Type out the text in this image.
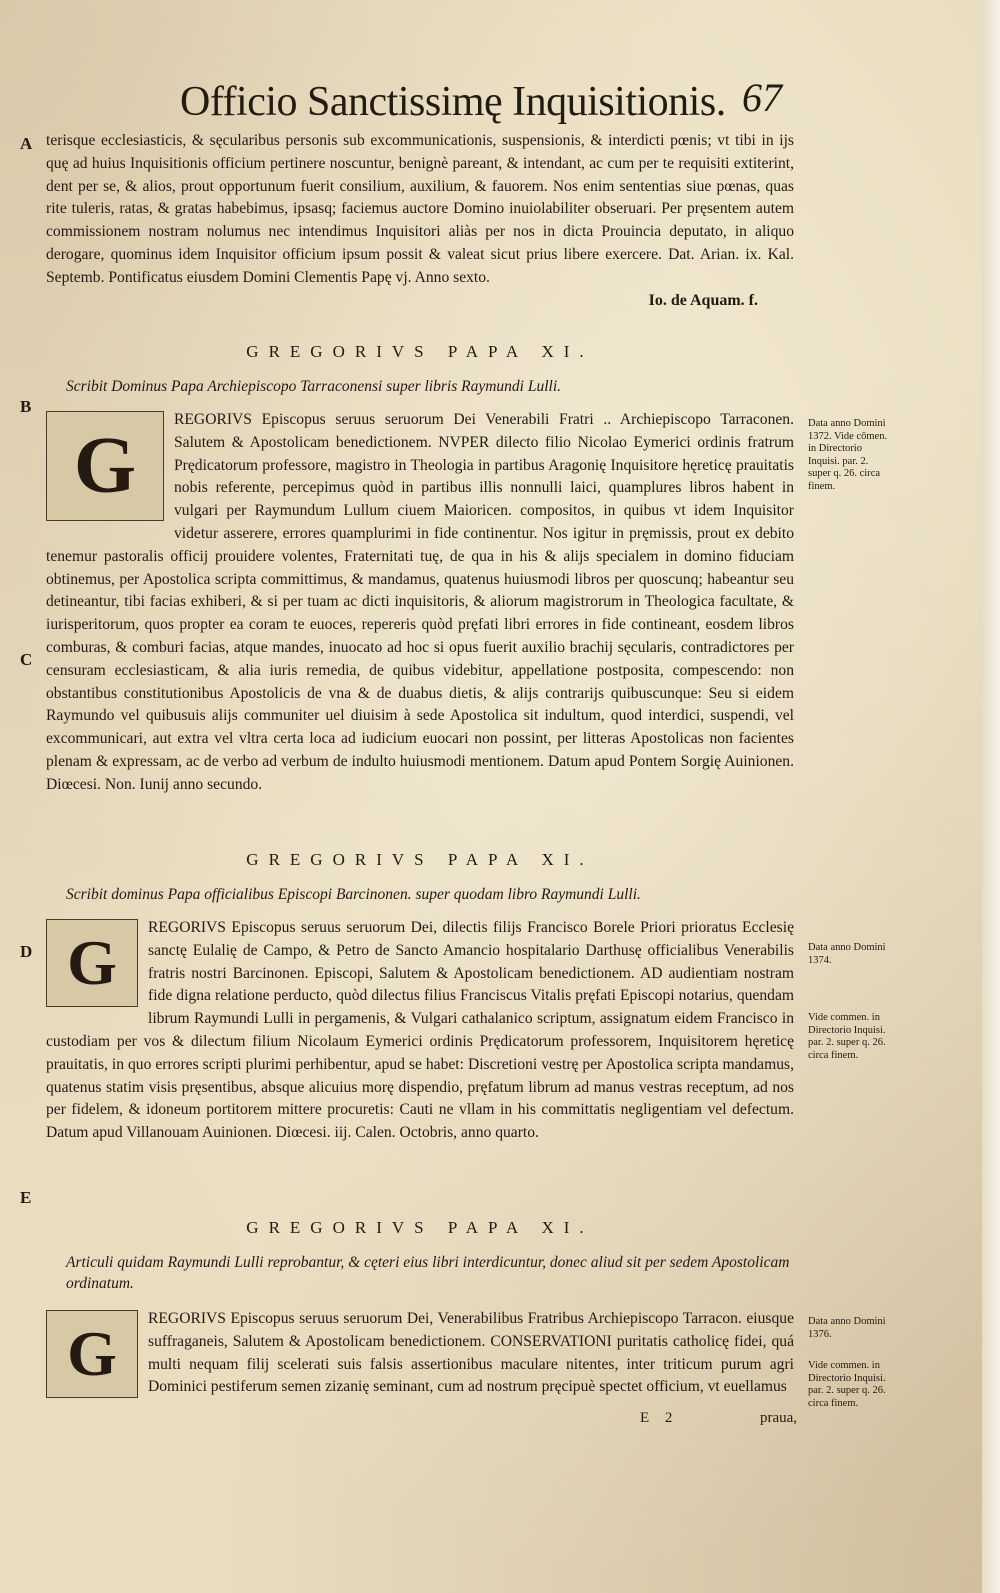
Officio Sanctissimę Inquisitionis. 67
A
B
C
D
E

terisque ecclesiasticis, & sęcularibus personis sub excommunicationis, suspensionis, & interdicti pœnis; vt tibi in ijs quę ad huius Inquisitionis officium pertinere noscuntur, benignè pareant, & intendant, ac cum per te requisiti extiterint, dent per se, & alios, prout opportunum fuerit consilium, auxilium, & fauorem. Nos enim sententias siue pœnas, quas rite tuleris, ratas, & gratas habebimus, ipsasq; faciemus auctore Domino inuiolabiliter obseruari. Per pręsentem autem commissionem nostram nolumus nec intendimus Inquisitori aliàs per nos in dicta Prouincia deputato, in aliquo derogare, quominus idem Inquisitor officium ipsum possit & valeat sicut prius libere exercere. Dat. Arian. ix. Kal. Septemb. Pontificatus eiusdem Domini Clementis Papę vj. Anno sexto.

Io. de Aquam. f.

GREGORIVS PAPA XI.

Scribit Dominus Papa Archiepiscopo Tarraconensi super libris Raymundi Lulli.

G

REGORIVS Episcopus seruus seruorum Dei Venerabili Fratri .. Archiepiscopo Tarraconen. Salutem & Apostolicam benedictionem. NVPER dilecto filio Nicolao Eymerici ordinis fratrum Prędicatorum professore, magistro in Theologia in partibus Aragonię Inquisitore hęreticę prauitatis nobis referente, percepimus quòd in partibus illis nonnulli laici, quamplures libros habent in vulgari per Raymundum Lullum ciuem Maioricen. compositos, in quibus vt idem Inquisitor videtur asserere, errores quamplurimi in fide continentur. Nos igitur in pręmissis, prout ex debito tenemur pastoralis officij prouidere volentes, Fraternitati tuę, de qua in his & alijs specialem in domino fiduciam obtinemus, per Apostolica scripta committimus, & mandamus, quatenus huiusmodi libros per quoscunq; habeantur seu detineantur, tibi facias exhiberi, & si per tuam ac dicti inquisitoris, & aliorum magistrorum in Theologica facultate, & iurisperitorum, quos propter ea coram te euoces, repereris quòd pręfati libri errores in fide contineant, eosdem libros comburas, & comburi facias, atque mandes, inuocato ad hoc si opus fuerit auxilio brachij sęcularis, contradictores per censuram ecclesiasticam, & alia iuris remedia, de quibus videbitur, appellatione postposita, compescendo: non obstantibus constitutionibus Apostolicis de vna & de duabus dietis, & alijs contrarijs quibuscunque: Seu si eidem Raymundo vel quibusuis alijs communiter uel diuisim à sede Apostolica sit indultum, quod interdici, suspendi, vel excommunicari, aut extra vel vltra certa loca ad iudicium euocari non possint, per litteras Apostolicas non facientes plenam & expressam, ac de verbo ad verbum de indulto huiusmodi mentionem. Datum apud Pontem Sorgię Auinionen. Diœcesi. Non. Iunij anno secundo.

Data anno Domini 1372. Vide cōmen. in Directorio Inquisi. par. 2. super q. 26. circa finem.

GREGORIVS PAPA XI.

Scribit dominus Papa officialibus Episcopi Barcinonen. super quodam libro Raymundi Lulli.

G	REGORIVS Episcopus seruus seruorum Dei, dilectis filijs Francisco Borele Priori prioratus Ecclesię sanctę Eulalię de Campo, & Petro de Sancto Amancio hospitalario Darthusę officialibus Venerabilis fratris nostri Barcinonen. Episcopi, Salutem & Apostolicam benedictionem. AD audientiam nostram fide digna relatione perducto, quòd dilectus filius Franciscus Vitalis pręfati Episcopi notarius, quendam librum Raymundi Lulli in pergamenis, & Vulgari cathalanico scriptum, assignatum eidem Francisco in custodiam per vos & dilectum filium Nicolaum Eymerici ordinis Prędicatorum professorem, Inquisitorem hęreticę prauitatis, in quo errores scripti plurimi perhibentur, apud se habet: Discretioni vestrę per Apostolica scripta mandamus, quatenus statim visis pręsentibus, absque alicuius morę dispendio, pręfatum librum ad manus vestras receptum, ad nos per fidelem, & idoneum portitorem mittere procuretis: Cauti ne vllam in his committatis negligentiam vel defectum. Datum apud Villanouam Auinionen. Diœcesi. iij. Calen. Octobris, anno quarto.

Data anno Domini 1374.
Vide commen. in Directorio Inquisi. par. 2. super q. 26. circa finem.

GREGORIVS PAPA XI.

Articuli quidam Raymundi Lulli reprobantur, & cęteri eius libri interdicuntur, donec aliud sit per sedem Apostolicam ordinatum.

G	REGORIVS Episcopus seruus seruorum Dei, Venerabilibus Fratribus Archiepiscopo Tarracon. eiusque suffraganeis, Salutem & Apostolicam benedictionem. CONSERVATIONI puritatis catholicę fidei, quá multi nequam filij scelerati suis falsis assertionibus maculare nitentes, inter triticum purum agri Dominici pestiferum semen zizanię seminant, cum ad nostrum pręcipuè spectet officium, vt euellamus

Data anno Domini 1376.
Vide commen. in Directorio Inquisi. par. 2. super q. 26. circa finem.
E 2	praua,
